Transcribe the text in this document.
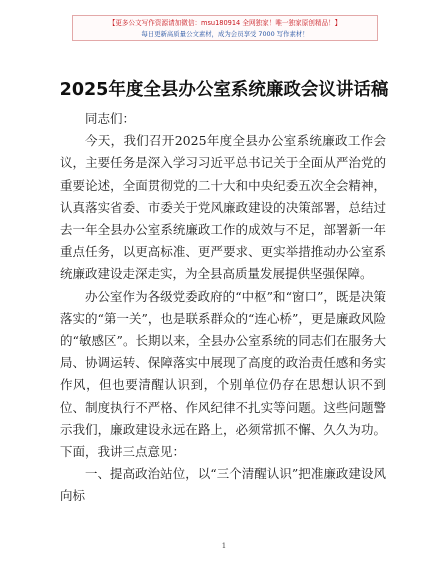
【更多公文写作资源请加微信：msu180914 全网独家！唯一独家原创精品！】
每日更新高质量公文素材，成为会员享受 7000 写作素材！
2025年度全县办公室系统廉政会议讲话稿

同志们：

今天，我们召开2025年度全县办公室系统廉政工作会议，主要任务是深入学习习近平总书记关于全面从严治党的重要论述，全面贯彻党的二十大和中央纪委五次全会精神，认真落实省委、市委关于党风廉政建设的决策部署，总结过去一年全县办公室系统廉政工作的成效与不足，部署新一年重点任务，以更高标准、更严要求、更实举措推动办公室系统廉政建设走深走实，为全县高质量发展提供坚强保障。

办公室作为各级党委政府的“中枢”和“窗口”，既是决策落实的“第一关”，也是联系群众的“连心桥”，更是廉政风险的“敏感区”。长期以来，全县办公室系统的同志们在服务大局、协调运转、保障落实中展现了高度的政治责任感和务实作风，但也要清醒认识到，个别单位仍存在思想认识不到位、制度执行不严格、作风纪律不扎实等问题。这些问题警示我们，廉政建设永远在路上，必须常抓不懈、久久为功。下面，我讲三点意见：

一、提高政治站位，以“三个清醒认识”把准廉政建设风向标

1
